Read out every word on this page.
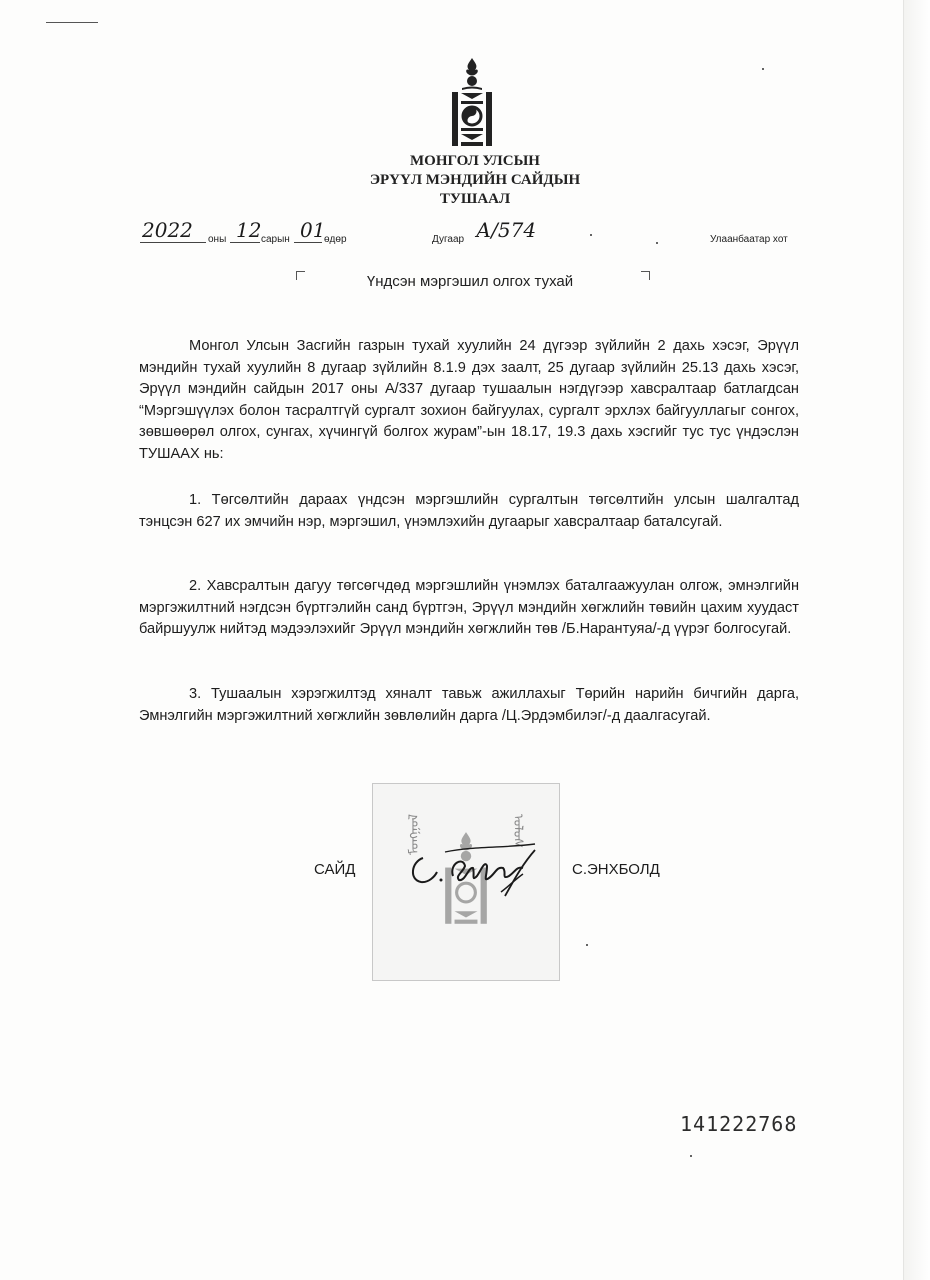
МОНГОЛ УЛСЫН
ЭРҮҮЛ МЭНДИЙН САЙДЫН
ТУШААЛ
2022 оны 12 сарын 01
өдөр	Дугаар А/574	Улаанбаатар хот
Үндсэн мэргэшил олгох тухай

Монгол Улсын Засгийн газрын тухай хуулийн 24 дүгээр зүйлийн 2 дахь хэсэг, Эрүүл мэндийн тухай хуулийн 8 дугаар зүйлийн 8.1.9 дэх заалт, 25 дугаар зүйлийн 25.13 дахь хэсэг, Эрүүл мэндийн сайдын 2017 оны А/337 дугаар тушаалын нэгдүгээр хавсралтаар батлагдсан “Мэргэшүүлэх болон тасралтгүй сургалт зохион байгуулах, сургалт эрхлэх байгууллагыг сонгох, зөвшөөрөл олгох, сунгах, хүчингүй болгох журам”-ын 18.17, 19.3 дахь хэсгийг тус тус үндэслэн ТУШААХ нь:

1. Төгсөлтийн дараах үндсэн мэргэшлийн сургалтын төгсөлтийн улсын шалгалтад тэнцсэн 627 их эмчийн нэр, мэргэшил, үнэмлэхийн дугаарыг хавсралтаар баталсугай.

2. Хавсралтын дагуу төгсөгчдөд мэргэшлийн үнэмлэх баталгаажуулан олгож, эмнэлгийн мэргэжилтний нэгдсэн бүртгэлийн санд бүртгэн, Эрүүл мэндийн хөгжлийн төвийн цахим хуудаст байршуулж нийтэд мэдээлэхийг Эрүүл мэндийн хөгжлийн төв /Б.Нарантуяа/-д үүрэг болгосугай.

3. Тушаалын хэрэгжилтэд хяналт тавьж ажиллахыг Төрийн нарийн бичгийн дарга, Эмнэлгийн мэргэжилтний хөгжлийн зөвлөлийн дарга /Ц.Эрдэмбилэг/-д даалгасугай.

ᠮᠣᠩᠭᠣᠯ	ᠤᠯᠤᠰ
САЙД	С.ЭНХБОЛД
141222768
